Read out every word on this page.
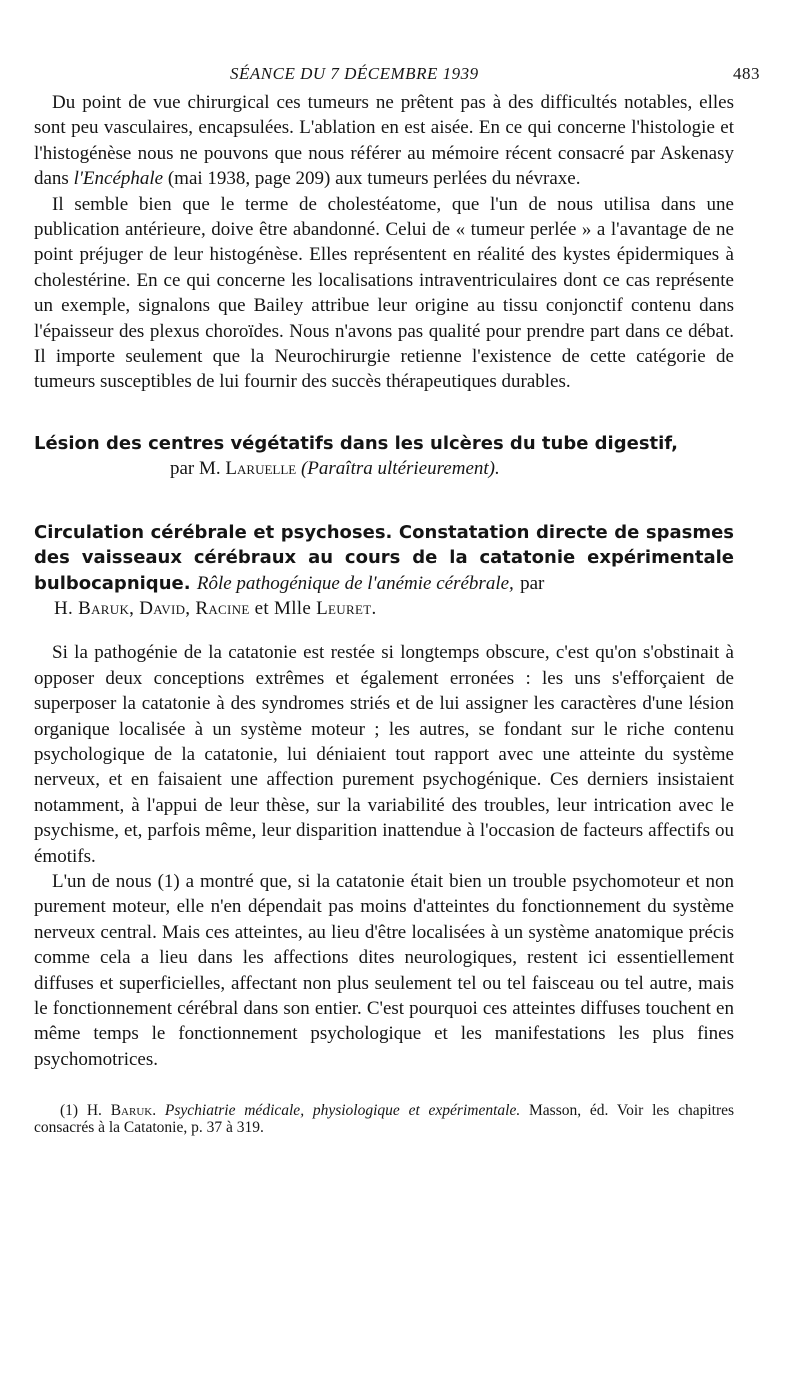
SÉANCE DU 7 DÉCEMBRE 1939	483

Du point de vue chirurgical ces tumeurs ne prêtent pas à des difficultés notables, elles sont peu vasculaires, encapsulées. L'ablation en est aisée. En ce qui concerne l'histologie et l'histogénèse nous ne pouvons que nous référer au mémoire récent consacré par Askenasy dans l'Encéphale (mai 1938, page 209) aux tumeurs perlées du névraxe.

Il semble bien que le terme de cholestéatome, que l'un de nous utilisa dans une publication antérieure, doive être abandonné. Celui de « tumeur perlée » a l'avantage de ne point préjuger de leur histogénèse. Elles représentent en réalité des kystes épidermiques à cholestérine. En ce qui concerne les localisations intraventriculaires dont ce cas représente un exemple, signalons que Bailey attribue leur origine au tissu conjonctif contenu dans l'épaisseur des plexus choroïdes. Nous n'avons pas qualité pour prendre part dans ce débat. Il importe seulement que la Neurochirurgie retienne l'existence de cette catégorie de tumeurs susceptibles de lui fournir des succès thérapeutiques durables.

Lésion des centres végétatifs dans les ulcères du tube digestif,

par M. Laruelle (Paraîtra ultérieurement).

Circulation cérébrale et psychoses. Constatation directe de spasmes des vaisseaux cérébraux au cours de la catatonie expérimentale bulbocapnique. Rôle pathogénique de l'anémie cérébrale, par

H. Baruk, David, Racine et Mlle Leuret.

Si la pathogénie de la catatonie est restée si longtemps obscure, c'est qu'on s'obstinait à opposer deux conceptions extrêmes et également erronées : les uns s'efforçaient de superposer la catatonie à des syndromes striés et de lui assigner les caractères d'une lésion organique localisée à un système moteur ; les autres, se fondant sur le riche contenu psychologique de la catatonie, lui déniaient tout rapport avec une atteinte du système nerveux, et en faisaient une affection purement psychogénique. Ces derniers insistaient notamment, à l'appui de leur thèse, sur la variabilité des troubles, leur intrication avec le psychisme, et, parfois même, leur disparition inattendue à l'occasion de facteurs affectifs ou émotifs.

L'un de nous (1) a montré que, si la catatonie était bien un trouble psychomoteur et non purement moteur, elle n'en dépendait pas moins d'atteintes du fonctionnement du système nerveux central. Mais ces atteintes, au lieu d'être localisées à un système anatomique précis comme cela a lieu dans les affections dites neurologiques, restent ici essentiellement diffuses et superficielles, affectant non plus seulement tel ou tel faisceau ou tel autre, mais le fonctionnement cérébral dans son entier. C'est pourquoi ces atteintes diffuses touchent en même temps le fonctionnement psychologique et les manifestations les plus fines psychomotrices.

(1) H. Baruk. Psychiatrie médicale, physiologique et expérimentale. Masson, éd. Voir les chapitres consacrés à la Catatonie, p. 37 à 319.
